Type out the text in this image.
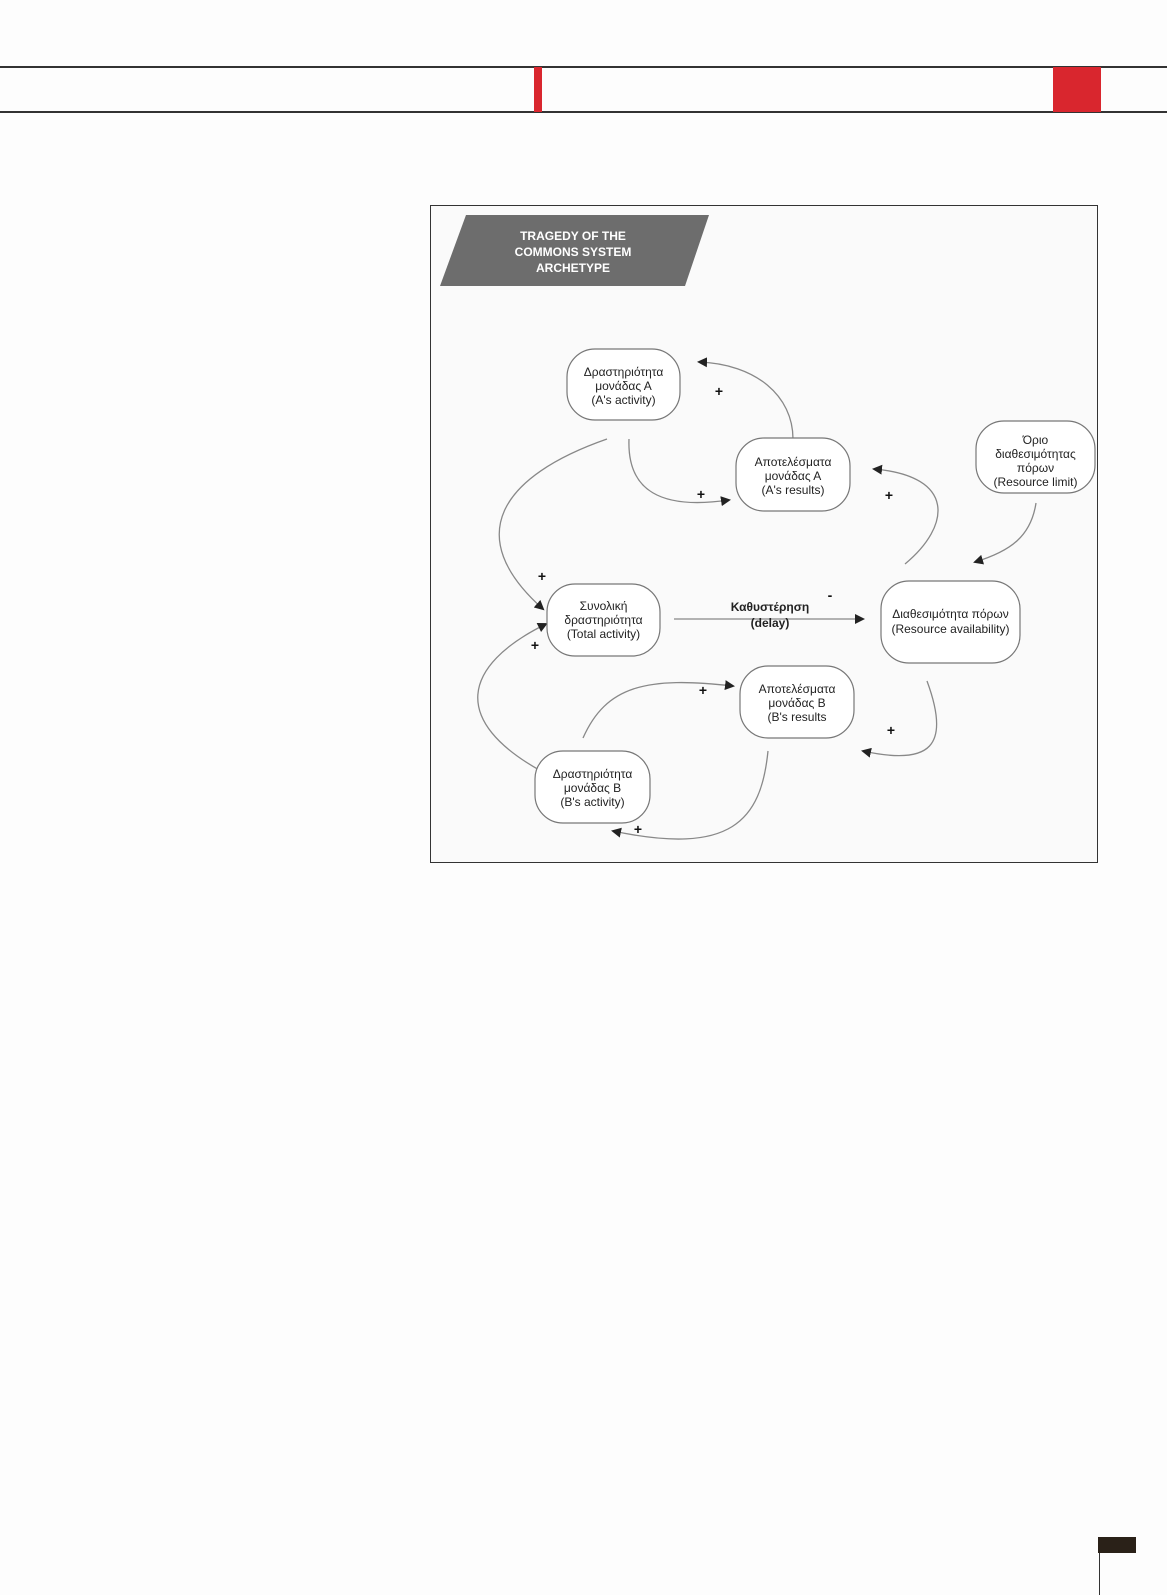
TRAGEDY OF THE
COMMONS SYSTEM
ARCHETYPE
Δραστηριότητα
μονάδας Α
(A's activity)
Αποτελέσματα
μονάδας Α
(A's results)
Όριο
διαθεσιμότητας
πόρων
(Resource limit)
Συνολική
δραστηριότητα
(Total activity)
Διαθεσιμότητα πόρων
(Resource availability)
Αποτελέσματα
μονάδας Β
(B's results
Δραστηριότητα
μονάδας Β
(B's activity)
Καθυστέρηση
(delay)
+
+	+
+
+
-
+
+
+
